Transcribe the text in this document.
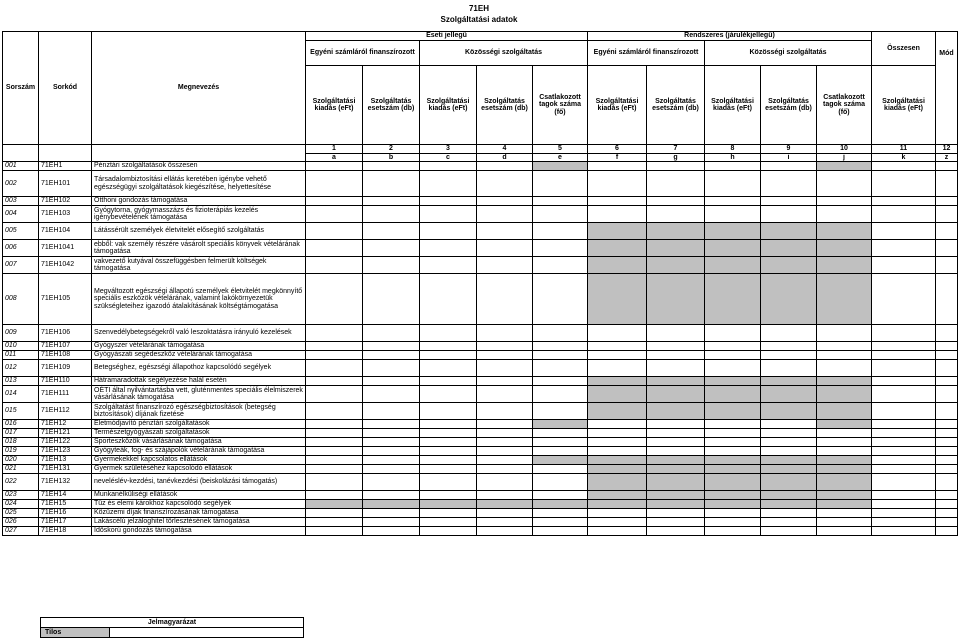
71EH
Szolgáltatási adatok
Sorszám	Sorkód	Megnevezés	Eseti jellegű					Rendszeres (járulékjellegű)					Összesen	Mód
			Egyéni számláról finanszírozott		Közösségi szolgáltatás			Egyéni számláról finanszírozott		Közösségi szolgáltatás				
			Szolgáltatási kiadás (eFt)	Szolgáltatás esetszám (db)	Szolgáltatási kiadás (eFt)	Szolgáltatás esetszám (db)	Csatlakozott tagok száma (fő)	Szolgáltatási kiadás (eFt)	Szolgáltatás esetszám (db)	Szolgáltatási kiadás (eFt)	Szolgáltatás esetszám (db)	Csatlakozott tagok száma (fő)	Szolgáltatási kiadás (eFt)	
			1	2	3	4	5	6	7	8	9	10	11	12
			a	b	c	d	e	f	g	h	i	j	k	z
001	71EH1	Pénztári szolgáltatások összesen												
002	71EH101	Társadalombiztosítási ellátás keretében igénybe vehető egészségügyi szolgáltatások kiegészítése, helyettesítése												
003	71EH102	Otthoni gondozás támogatása												
004	71EH103	Gyógytorna, gyógymasszázs és fizioterápiás kezelés igénybevételének támogatása												
005	71EH104	Látássérült személyek életvitelét elősegítő szolgáltatás												
006	71EH1041	ebből: vak személy részére vásárolt speciális könyvek vételárának támogatása												
007	71EH1042	vakvezető kutyával összefüggésben felmerült költségek támogatása												
008	71EH105	Megváltozott egészségi állapotú személyek életvitelét megkönnyítő speciális eszközök vételárának, valamint lakókörnyezetük szükségleteihez igazodó átalakításának költségtámogatása												
009	71EH106	Szenvedélybetegségekről való leszoktatásra irányuló kezelések												
010	71EH107	Gyógyszer vételárának támogatása												
011	71EH108	Gyógyászati segédeszköz vételárának támogatása												
012	71EH109	Betegséghez, egészségi állapothoz kapcsolódó segélyek												
013	71EH110	Hátramaradottak segélyezése halál esetén												
014	71EH111	OÉTI által nyilvántartásba vett, gluténmentes speciális élelmiszerek vásárlásának támogatása												
015	71EH112	Szolgáltatást finanszírozó egészségbiztosítások (betegség biztosítások) díjának fizetése												
016	71EH12	Életmódjavító pénztári szolgáltatások												
017	71EH121	Természetgyógyászati szolgáltatások												
018	71EH122	Sporteszközök vásárlásának támogatása												
019	71EH123	Gyógyteák, fog- és szájápolók vételárának támogatása												
020	71EH13	Gyermekekkel kapcsolatos ellátások												
021	71EH131	Gyermek születéséhez kapcsolódó ellátások												
022	71EH132	neveléslév-kezdési, tanévkezdési (beiskolázási támogatás)												
023	71EH14	Munkanélküliségi ellátások												
024	71EH15	Tűz és elemi károkhoz kapcsolódó segélyek												
025	71EH16	Közüzemi díjak finanszírozásának támogatása												
026	71EH17	Lakáscélú jelzáloghitel törlesztésének támogatása												
027	71EH18	Időskorú gondozás támogatása												
Jelmagyarázat
Tilos	
